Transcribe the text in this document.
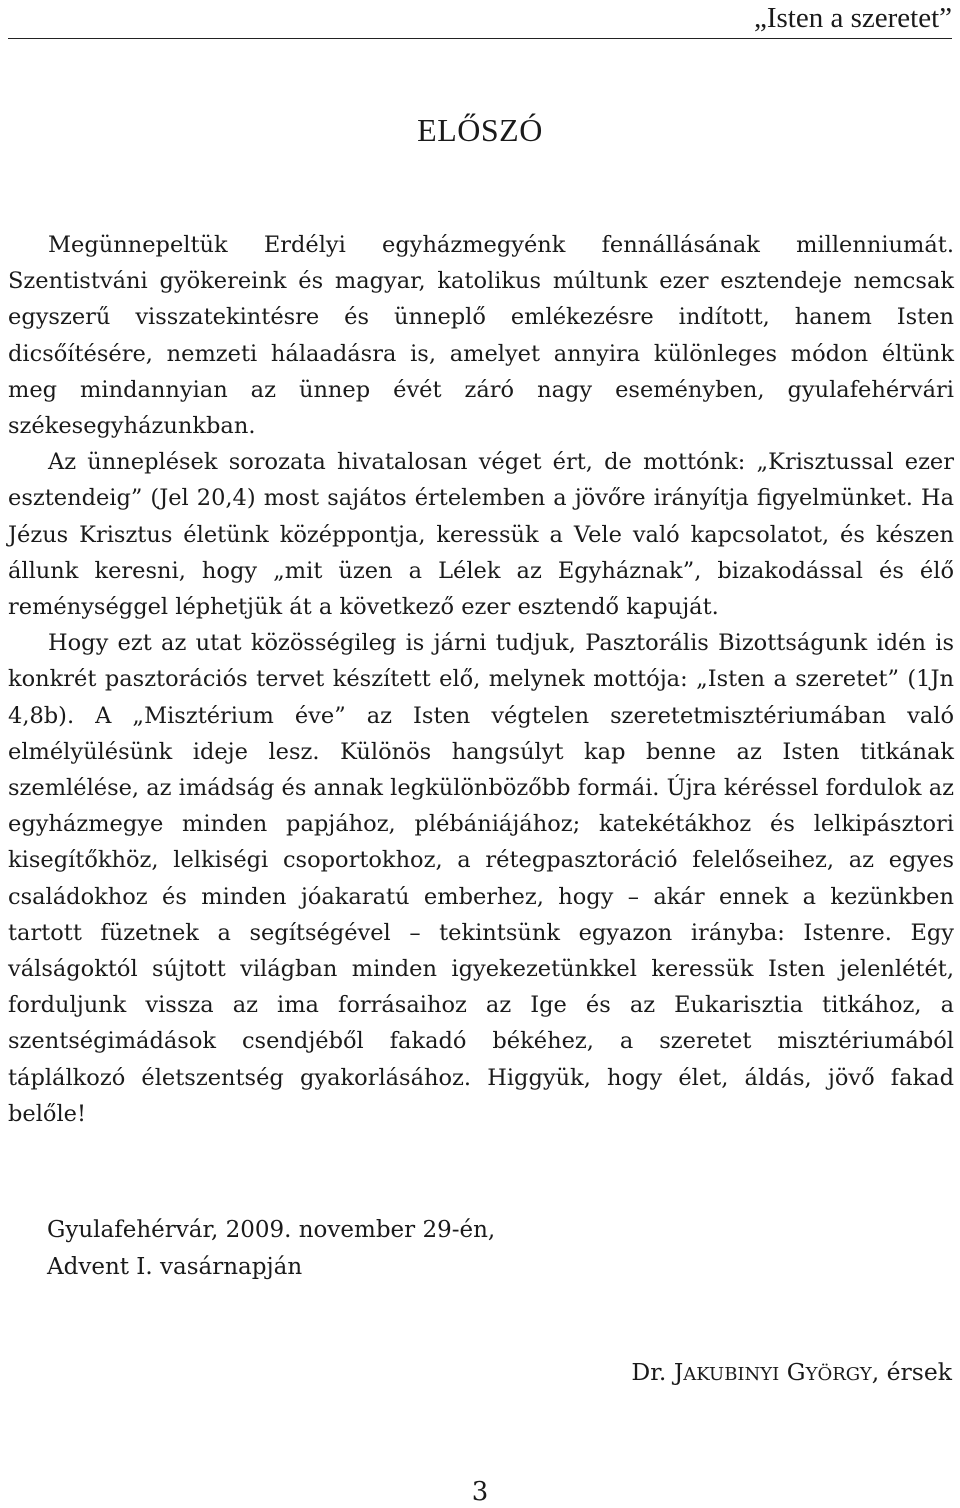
„Isten a szeretet”
ELŐSZÓ

Megünnepeltük Erdélyi egyházmegyénk fennállásának millenniumát. Szentistváni gyökereink és magyar, katolikus múltunk ezer esztendeje nemcsak egyszerű visszatekintésre és ünneplő emlékezésre indított, hanem Isten dicsőítésére, nemzeti hálaadásra is, amelyet annyira különleges módon éltünk meg mindannyian az ünnep évét záró nagy eseményben, gyulafehérvári székesegyházunkban.

Az ünneplések sorozata hivatalosan véget ért, de mottónk: „Krisztussal ezer esztendeig” (Jel 20,4) most sajátos értelemben a jövőre irányítja figyelmünket. Ha Jézus Krisztus életünk középpontja, keressük a Vele való kapcsolatot, és készen állunk keresni, hogy „mit üzen a Lélek az Egyháznak”, bizakodással és élő reménységgel léphetjük át a következő ezer esztendő kapuját.

Hogy ezt az utat közösségileg is járni tudjuk, Pasztorális Bizottságunk idén is konkrét pasztorációs tervet készített elő, melynek mottója: „Isten a szeretet” (1Jn 4,8b). A „Misztérium éve” az Isten végtelen szeretetmisztériumában való elmélyülésünk ideje lesz. Különös hangsúlyt kap benne az Isten titkának szemlélése, az imádság és annak legkülönbözőbb formái. Újra kéréssel fordulok az egyházmegye minden papjához, plébániájához; katekétákhoz és lelkipásztori kisegítőkhöz, lelkiségi csoportokhoz, a rétegpasztoráció felelőseihez, az egyes családokhoz és minden jóakaratú emberhez, hogy – akár ennek a kezünkben tartott füzetnek a segítségével – tekintsünk egyazon irányba: Istenre. Egy válságoktól sújtott világban minden igyekezetünkkel keressük Isten jelenlétét, forduljunk vissza az ima forrásaihoz az Ige és az Eukarisztia titkához, a szentségimádások csendjéből fakadó békéhez, a szeretet misztériumából táplálkozó életszentség gyakorlásához. Higgyük, hogy élet, áldás, jövő fakad belőle!

Gyulafehérvár, 2009. november 29-én,
Advent I. vasárnapján
Dr. JAKUBINYI GYÖRGY, érsek
3
